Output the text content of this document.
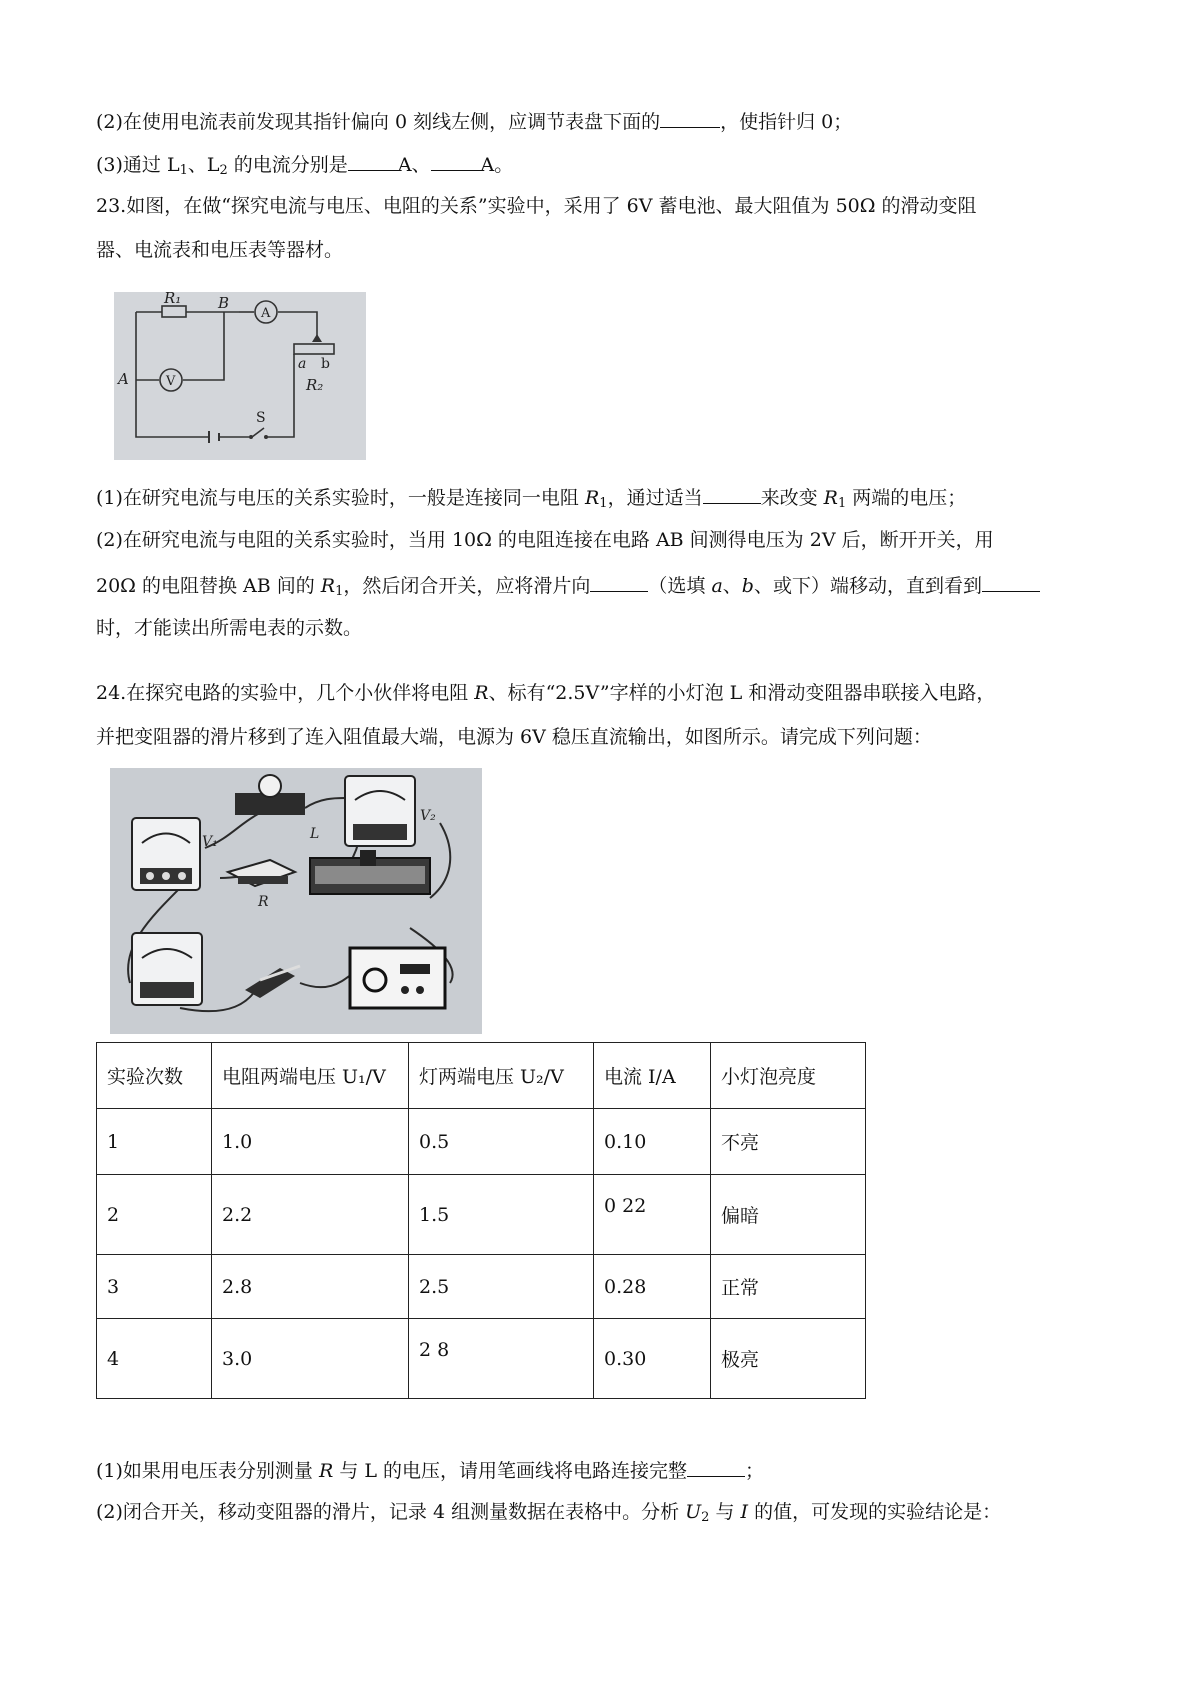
(2)在使用电流表前发现其指针偏向 0 刻线左侧，应调节表盘下面的	，使指针归 0；
(3)通过 $L_1$、$L_2$ 的电流分别是	A、	A。
23.如图，在做“探究电流与电压、电阻的关系”实验中，采用了 6V 蓄电池、最大阻值为 50Ω 的滑动变阻
器、电流表和电压表等器材。
R₁ B
A
V
A
a b
R₂
S
(1)在研究电流与电压的关系实验时，一般是连接同一电阻 $R_1$，通过适当	来改变 $R_1$ 两端的电压；
(2)在研究电流与电阻的关系实验时，当用 10Ω 的电阻连接在电路 AB 间测得电压为 2V 后，断开开关，用
20Ω 的电阻替换 AB 间的 $R_1$，然后闭合开关，应将滑片向	（选填 a、b、或下）端移动，直到看到
时，才能读出所需电表的示数。
24.在探究电路的实验中，几个小伙伴将电阻 R、标有“2.5V”字样的小灯泡 L 和滑动变阻器串联接入电路，
并把变阻器的滑片移到了连入阻值最大端，电源为 6V 稳压直流输出，如图所示。请完成下列问题：
V₁	L
V₂
R
实验次数	电阻两端电压 U₁/V	灯两端电压 U₂/V	电流 I/A	小灯泡亮度
1	1.0	0.5	0.10	不亮
2	2.2	1.5	0 22	偏暗
3	2.8	2.5	0.28	正常
4	3.0	2 8	0.30	极亮
(1)如果用电压表分别测量 R 与 L 的电压，请用笔画线将电路连接完整	；
(2)闭合开关，移动变阻器的滑片，记录 4 组测量数据在表格中。分析 $U_2$ 与 I 的值，可发现的实验结论是：
